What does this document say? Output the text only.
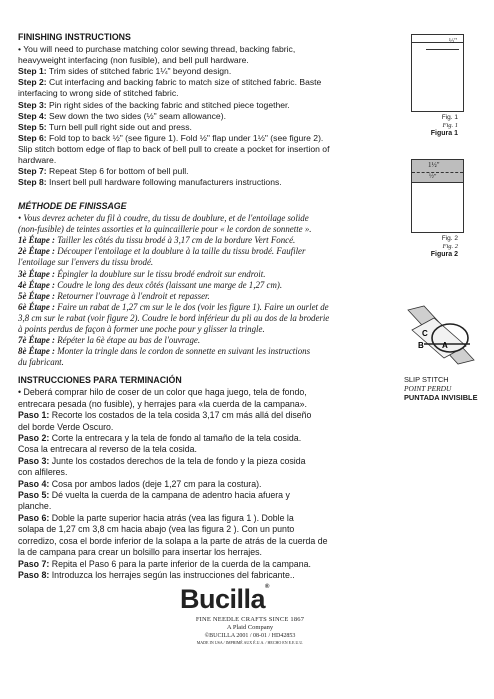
FINISHING INSTRUCTIONS

• You will need to purchase matching color sewing thread, backing fabric,
heavyweight interfacing (non fusible), and bell pull hardware.

Step 1: Trim sides of stitched fabric 1¼" beyond design.

Step 2: Cut interfacing and backing fabric to match size of stitched fabric. Baste
interfacing to wrong side of stitched fabric.

Step 3: Pin right sides of the backing fabric and stitched piece together.

Step 4: Sew down the two sides (½" seam allowance).

Step 5: Turn bell pull right side out and press.

Step 6: Fold top to back ½" (see figure 1). Fold ½" flap under 1½" (see figure 2).
Slip stitch bottom edge of flap to back of bell pull to create a pocket for insertion of
hardware.

Step 7: Repeat Step 6 for bottom of bell pull.

Step 8: Insert bell pull hardware following manufacturers instructions.

MÉTHODE DE FINISSAGE

• Vous devrez acheter du fil à coudre, du tissu de doublure, et de l'entoilage solide
(non-fusible) de teintes assorties et la quincaillerie pour « le cordon de sonnette ».

1è Étape : Tailler les côtés du tissu brodé à 3,17 cm de la bordure Vert Foncé.

2è Étape : Découper l'entoilage et la doublure à la taille du tissu brodé. Faufiler
l'entoilage sur l'envers du tissu brodé.

3è Étape : Épingler la doublure sur le tissu brodé endroit sur endroit.

4è Étape : Coudre le long des deux côtés (laissant une marge de 1,27 cm).

5è Étape : Retourner l'ouvrage à l'endroit et repasser.

6è Étape : Faire un rabat de 1,27 cm sur le le dos (voir les figure 1). Faire un ourlet de
3,8 cm sur le rabat (voir figure 2). Coudre le bord inférieur du pli au dos de la broderie
à points perdus de façon à former une poche pour y glisser la tringle.

7è Étape : Répéter la 6è étape au bas de l'ouvrage.

8è Étape : Monter la tringle dans le cordon de sonnette en suivant les instructions
du fabricant.

INSTRUCCIONES PARA TERMINACIÓN

• Deberá comprar hilo de coser de un color que haga juego, tela de fondo,
entrecara pesada (no fusible), y herrajes para «la cuerda de la campana».

Paso 1: Recorte los costados de la tela cosida 3,17 cm más allá del diseño
del borde Verde Oscuro.

Paso 2: Corte la entrecara y la tela de fondo al tamaño de la tela cosida.
Cosa la entrecara al reverso de la tela cosida.

Paso 3: Junte los costados derechos de la tela de fondo y la pieza cosida
con alfileres.

Paso 4: Cosa por ambos lados (deje 1,27 cm para la costura).

Paso 5: Dé vuelta la cuerda de la campana de adentro hacia afuera y
planche.

Paso 6: Doble la parte superior hacia atrás (vea las figura 1 ). Doble la
solapa de 1,27 cm 3,8 cm hacia abajo (vea las figura 2 ). Con un punto
corredizo, cosa el borde inferior de la solapa a la parte de atrás de la cuerda de
la de campana para crear un bolsillo para insertar los herrajes.

Paso 7: Repita el Paso 6 para la parte inferior de la cuerda de la campana.

Paso 8: Introduzca los herrajes según las instrucciones del fabricante..

½"
Fig. 1
Fig. 1
Figura 1
1½"
½"
Fig. 2
Fig. 2
Figura 2
C
B A
SLIP STITCH
POINT PERDU
PUNTADA INVISIBLE
Bucilla®
FINE NEEDLE CRAFTS SINCE 1867
A Plaid Company
©BUCILLA 2001 / 08-01 / HD42853
MADE IN USA / IMPRIMÉ AUX É.U.A. / HECHO EN E.E.U.U.
